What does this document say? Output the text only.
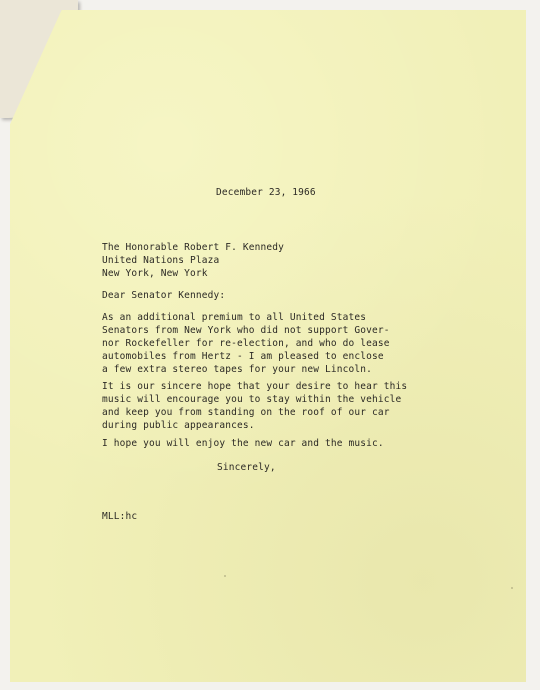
December 23, 1966
The Honorable Robert F. Kennedy
United Nations Plaza
New York, New York
Dear Senator Kennedy:
As an additional premium to all United States
Senators from New York who did not support Gover-
nor Rockefeller for re-election, and who do lease
automobiles from Hertz - I am pleased to enclose
a few extra stereo tapes for your new Lincoln.
It is our sincere hope that your desire to hear this
music will encourage you to stay within the vehicle
and keep you from standing on the roof of our car
during public appearances.
I hope you will enjoy the new car and the music.
Sincerely,
MLL:hc
